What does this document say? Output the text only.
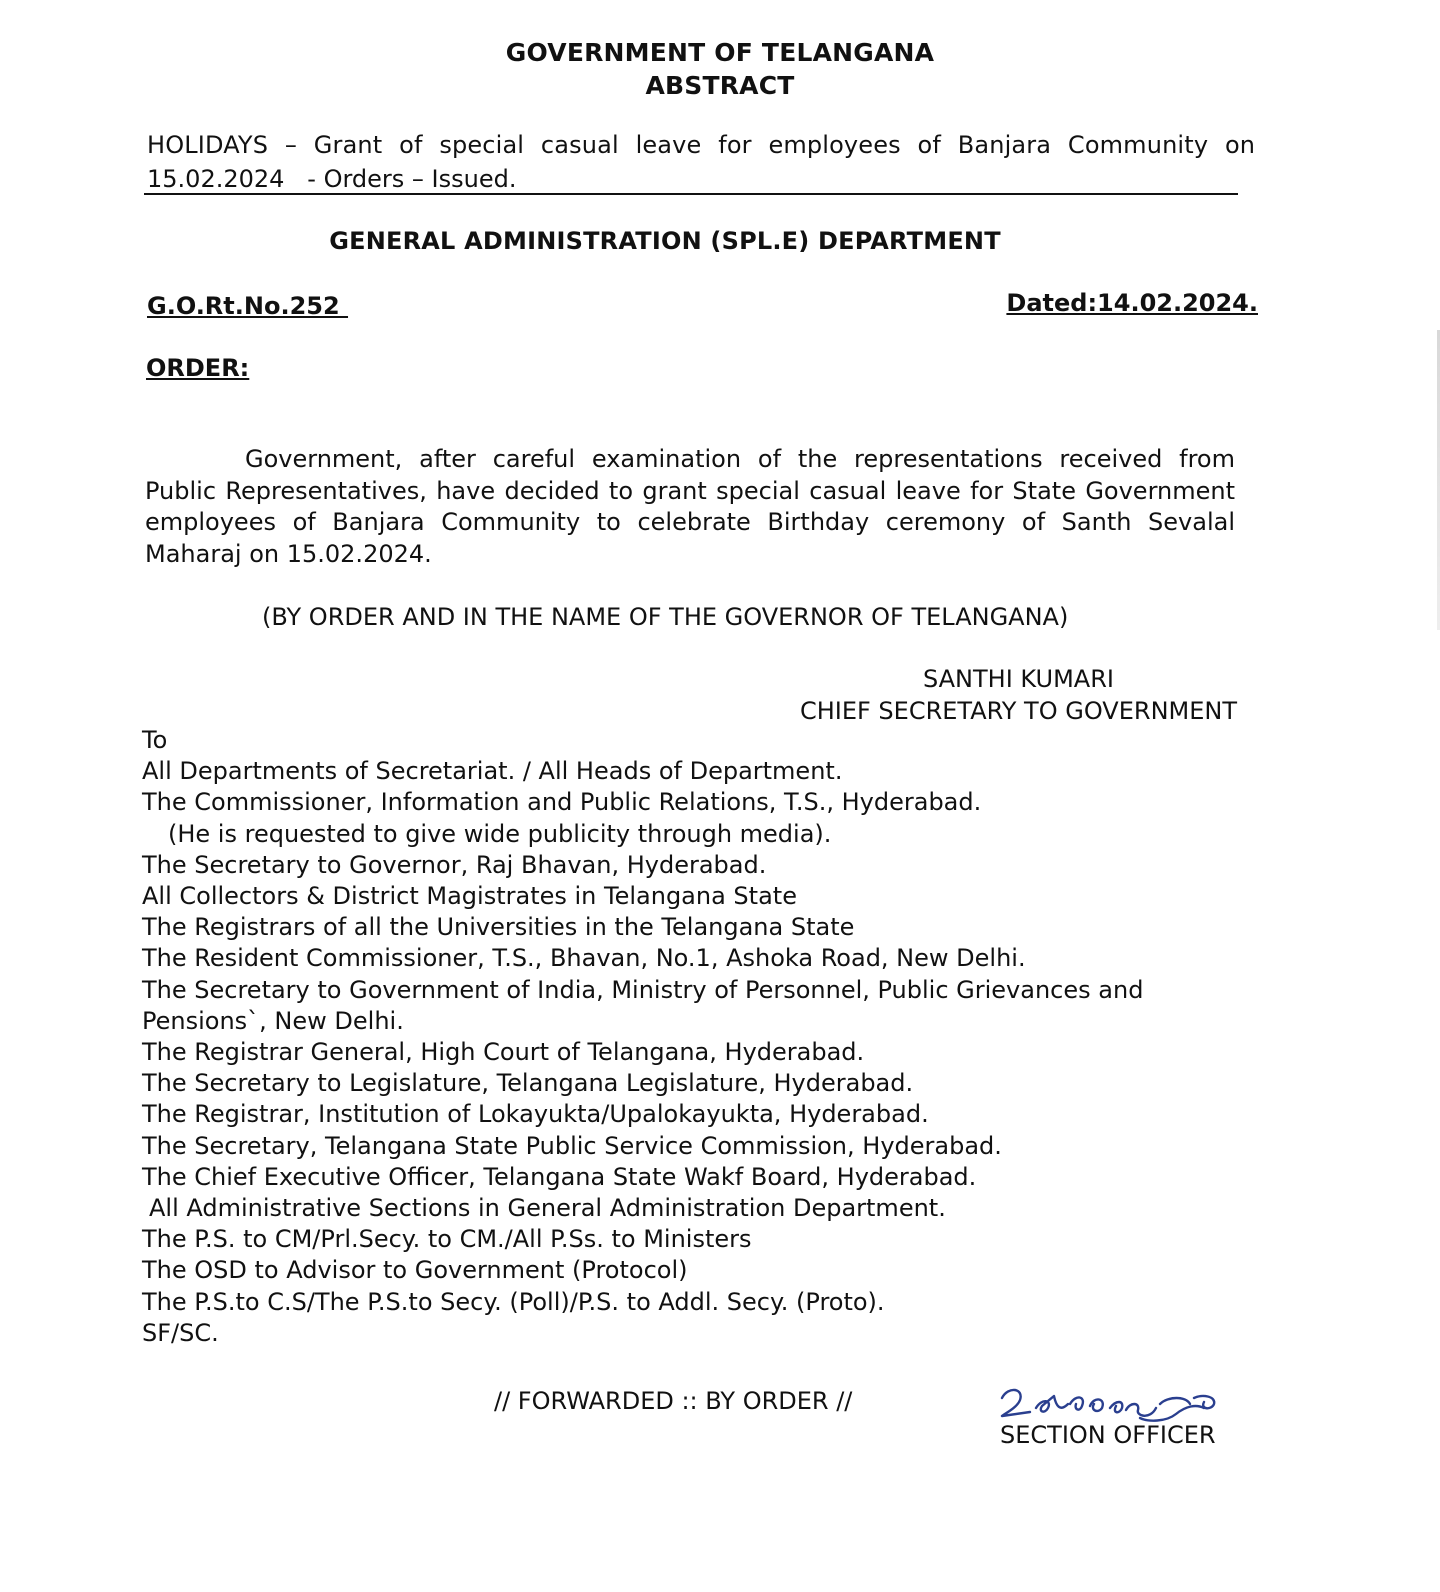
GOVERNMENT OF TELANGANA
ABSTRACT
HOLIDAYS – Grant of special casual leave for employees of Banjara Community on
15.02.2024   - Orders – Issued.
GENERAL ADMINISTRATION (SPL.E) DEPARTMENT
G.O.Rt.No.252	Dated:14.02.2024.
ORDER:

Government, after careful examination of the representations received from Public Representatives, have decided to grant special casual leave for State Government employees of Banjara Community to celebrate Birthday ceremony of Santh Sevalal Maharaj on 15.02.2024.

(BY ORDER AND IN THE NAME OF THE GOVERNOR OF TELANGANA)
SANTHI KUMARI
CHIEF SECRETARY TO GOVERNMENT
To
All Departments of Secretariat. / All Heads of Department.
The Commissioner, Information and Public Relations, T.S., Hyderabad.
(He is requested to give wide publicity through media).
The Secretary to Governor, Raj Bhavan, Hyderabad.
All Collectors & District Magistrates in Telangana State
The Registrars of all the Universities in the Telangana State
The Resident Commissioner, T.S., Bhavan, No.1, Ashoka Road, New Delhi.
The Secretary to Government of India, Ministry of Personnel, Public Grievances and
Pensions`, New Delhi.
The Registrar General, High Court of Telangana, Hyderabad.
The Secretary to Legislature, Telangana Legislature, Hyderabad.
The Registrar, Institution of Lokayukta/Upalokayukta, Hyderabad.
The Secretary, Telangana State Public Service Commission, Hyderabad.
The Chief Executive Officer, Telangana State Wakf Board, Hyderabad.
All Administrative Sections in General Administration Department.
The P.S. to CM/Prl.Secy. to CM./All P.Ss. to Ministers
The OSD to Advisor to Government (Protocol)
The P.S.to C.S/The P.S.to Secy. (Poll)/P.S. to Addl. Secy. (Proto).
SF/SC.
// FORWARDED :: BY ORDER //
SECTION OFFICER
